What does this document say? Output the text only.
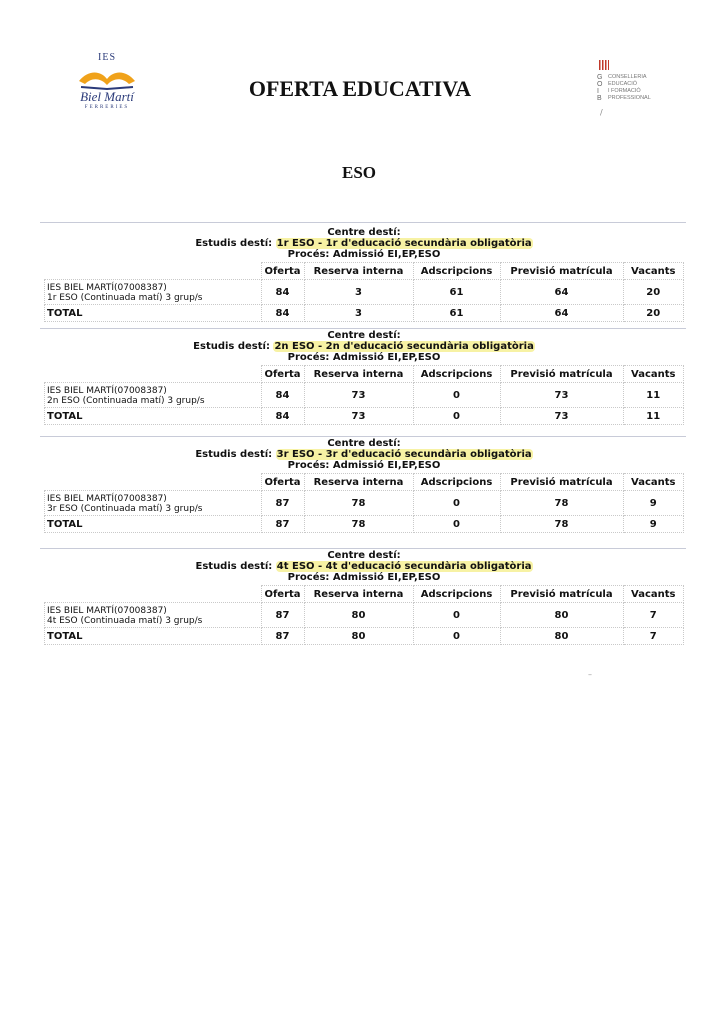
IES
Biel Martí
FERRERIES
OFERTA EDUCATIVA	G
O
I
B
CONSELLERIA
EDUCACIÓ
I FORMACIÓ
PROFESSIONAL
/
ESO
Centre destí:
Estudis destí: 1r ESO - 1r d'educació secundària obligatòria
Procés: Admissió EI,EP,ESO
	Oferta	Reserva interna	Adscripcions	Previsió matrícula	Vacants

IES BIEL MARTÍ(07008387)
1r ESO (Continuada matí) 3 grup/s	84	3	61	64	20
TOTAL	84	3	61	64	20
Centre destí:
Estudis destí: 2n ESO - 2n d'educació secundària obligatòria
Procés: Admissió EI,EP,ESO
	Oferta	Reserva interna	Adscripcions	Previsió matrícula	Vacants

IES BIEL MARTÍ(07008387)
2n ESO (Continuada matí) 3 grup/s	84	73	0	73	11
TOTAL	84	73	0	73	11
Centre destí:
Estudis destí: 3r ESO - 3r d'educació secundària obligatòria
Procés: Admissió EI,EP,ESO
	Oferta	Reserva interna	Adscripcions	Previsió matrícula	Vacants

IES BIEL MARTÍ(07008387)
3r ESO (Continuada matí) 3 grup/s	87	78	0	78	9
TOTAL	87	78	0	78	9
Centre destí:
Estudis destí: 4t ESO - 4t d'educació secundària obligatòria
Procés: Admissió EI,EP,ESO
	Oferta	Reserva interna	Adscripcions	Previsió matrícula	Vacants

IES BIEL MARTÍ(07008387)
4t ESO (Continuada matí) 3 grup/s	87	80	0	80	7
TOTAL	87	80	0	80	7
–
